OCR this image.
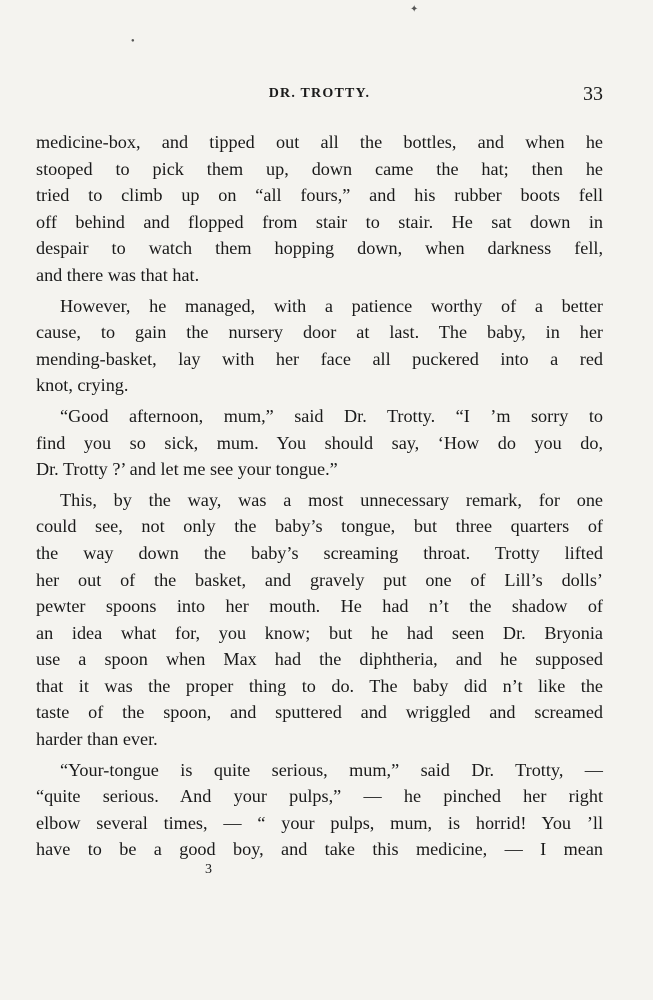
✦
●
DR. TROTTY.	33
medicine-box, and tipped out all the bottles, and when he
stooped to pick them up, down came the hat; then he
tried to climb up on “all fours,” and his rubber boots fell
off behind and flopped from stair to stair. He sat down in
despair to watch them hopping down, when darkness fell,
and there was that hat.
However, he managed, with a patience worthy of a better
cause, to gain the nursery door at last. The baby, in her
mending-basket, lay with her face all puckered into a red
knot, crying.
“Good afternoon, mum,” said Dr. Trotty. “I ’m sorry to
find you so sick, mum. You should say, ‘How do you do,
Dr. Trotty ?’ and let me see your tongue.”
This, by the way, was a most unnecessary remark, for one
could see, not only the baby’s tongue, but three quarters of
the way down the baby’s screaming throat. Trotty lifted
her out of the basket, and gravely put one of Lill’s dolls’
pewter spoons into her mouth. He had n’t the shadow of
an idea what for, you know; but he had seen Dr. Bryonia
use a spoon when Max had the diphtheria, and he supposed
that it was the proper thing to do. The baby did n’t like the
taste of the spoon, and sputtered and wriggled and screamed
harder than ever.
“Your-tongue is quite serious, mum,” said Dr. Trotty, —
“quite serious. And your pulps,” — he pinched her right
elbow several times, — “ your pulps, mum, is horrid! You ’ll
have to be a good boy, and take this medicine, — I mean
3
